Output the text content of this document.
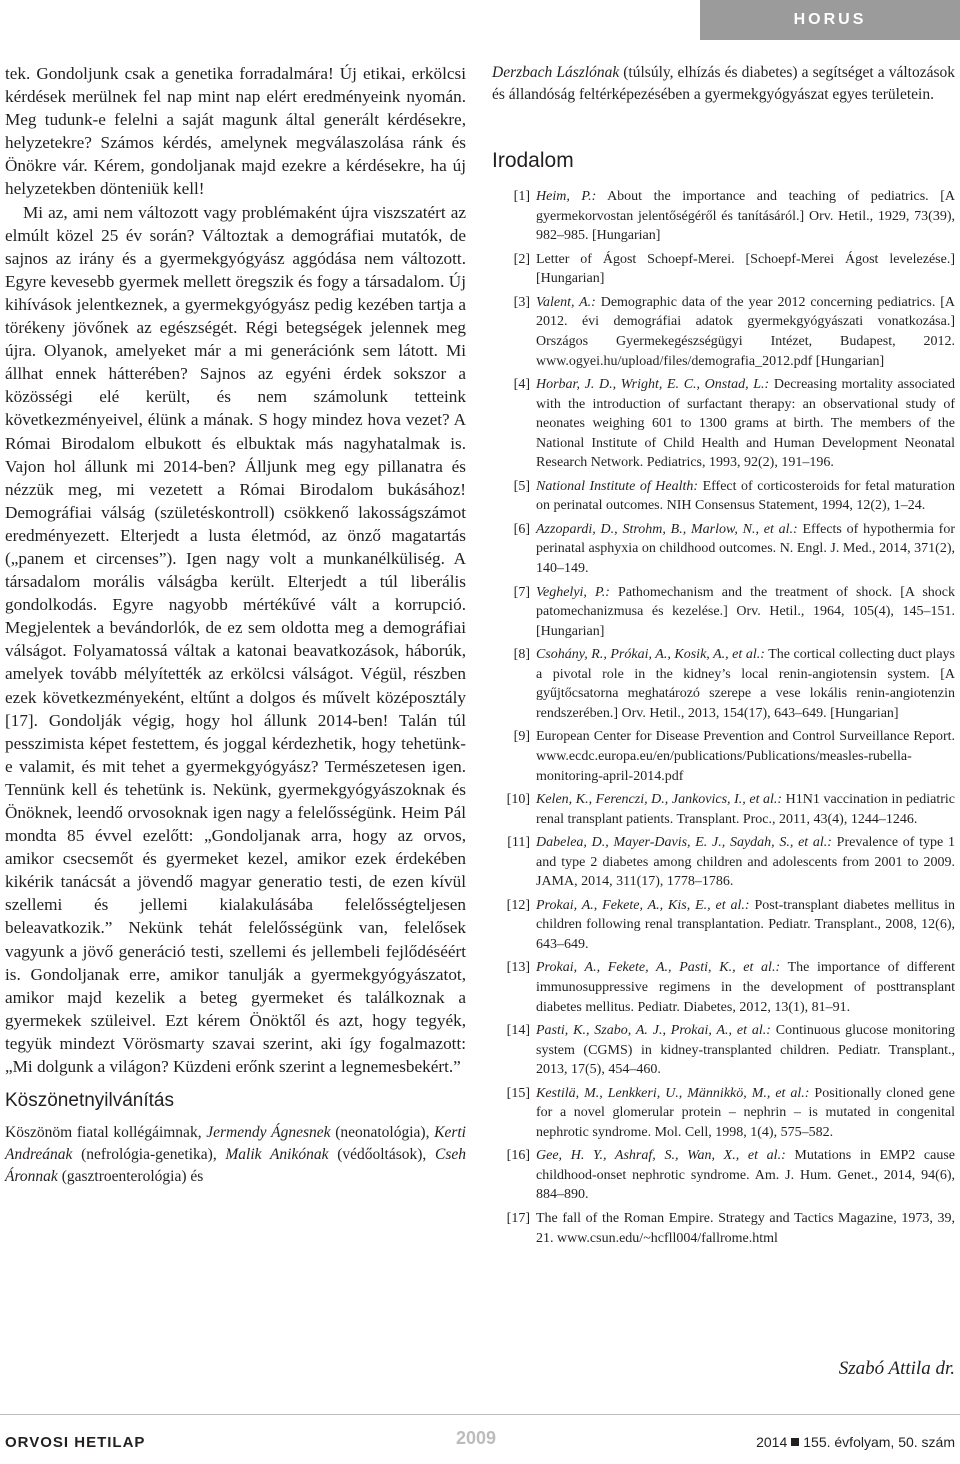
HORUS

tek. Gondoljunk csak a genetika forradalmára! Új etikai, erkölcsi kérdések merülnek fel nap mint nap elért eredményeink nyomán. Meg tudunk-e felelni a saját magunk által generált kérdésekre, helyzetekre? Számos kérdés, amelynek megválaszolása ránk és Önökre vár. Kérem, gondoljanak majd ezekre a kérdésekre, ha új helyzetekben dönteniük kell!

Mi az, ami nem változott vagy problémaként újra viszszatért az elmúlt közel 25 év során? Változtak a demográfiai mutatók, de sajnos az irány és a gyermekgyógyász aggódása nem változott. Egyre kevesebb gyermek mellett öregszik és fogy a társadalom. Új kihívások jelentkeznek, a gyermekgyógyász pedig kezében tartja a törékeny jövőnek az egészségét. Régi betegségek jelennek meg újra. Olyanok, amelyeket már a mi generációnk sem látott. Mi állhat ennek hátterében? Sajnos az egyéni érdek sokszor a közösségi elé került, és nem számolunk tetteink következményeivel, élünk a mának. S hogy mindez hova vezet? A Római Birodalom elbukott és elbuktak más nagyhatalmak is. Vajon hol állunk mi 2014-ben? Álljunk meg egy pillanatra és nézzük meg, mi vezetett a Római Birodalom bukásához! Demográfiai válság (születéskontroll) csökkenő lakosságszámot eredményezett. Elterjedt a lusta életmód, az önző magatartás („panem et circenses”). Igen nagy volt a munkanélküliség. A társadalom morális válságba került. Elterjedt a túl liberális gondolkodás. Egyre nagyobb mértékűvé vált a korrupció. Megjelentek a bevándorlók, de ez sem oldotta meg a demográfiai válságot. Folyamatossá váltak a katonai beavatkozások, háborúk, amelyek tovább mélyítették az erkölcsi válságot. Végül, részben ezek következményeként, eltűnt a dolgos és művelt középosztály [17]. Gondolják végig, hogy hol állunk 2014-ben! Talán túl pesszimista képet festettem, és joggal kérdezhetik, hogy tehetünk-e valamit, és mit tehet a gyermekgyógyász? Természetesen igen. Tennünk kell és tehetünk is. Nekünk, gyermekgyógyászoknak és Önöknek, leendő orvosoknak igen nagy a felelősségünk. Heim Pál mondta 85 évvel ezelőtt: „Gondoljanak arra, hogy az orvos, amikor csecsemőt és gyermeket kezel, amikor ezek érdekében kikérik tanácsát a jövendő magyar generatio testi, de ezen kívül szellemi és jellemi kialakulásába felelősségteljesen beleavatkozik.” Nekünk tehát felelősségünk van, felelősek vagyunk a jövő generáció testi, szellemi és jellembeli fejlődéséért is. Gondoljanak erre, amikor tanulják a gyermekgyógyászatot, amikor majd kezelik a beteg gyermeket és találkoznak a gyermekek szüleivel. Ezt kérem Önöktől és azt, hogy tegyék, tegyük mindezt Vörösmarty szavai szerint, aki így fogalmazott: „Mi dolgunk a világon? Küzdeni erőnk szerint a legnemesbekért.”

Köszönetnyilvánítás

Köszönöm fiatal kollégáimnak, Jermendy Ágnesnek (neonatológia), Kerti Andreának (nefrológia-genetika), Malik Anikónak (védőoltások), Cseh Áronnak (gasztroenterológia) és

Derzbach Lászlónak (túlsúly, elhízás és diabetes) a segítséget a változások és állandóság feltérképezésében a gyermekgyógyászat egyes területein.

Irodalom
[1] Heim, P.: About the importance and teaching of pediatrics. [A gyermekorvostan jelentőségéről és tanításáról.] Orv. Hetil., 1929, 73(39), 982–985. [Hungarian]
[2] Letter of Ágost Schoepf-Merei. [Schoepf-Merei Ágost levelezése.] [Hungarian]
[3] Valent, A.: Demographic data of the year 2012 concerning pediatrics. [A 2012. évi demográfiai adatok gyermekgyógyászati vonatkozása.] Országos Gyermekegészségügyi Intézet, Budapest, 2012. www.ogyei.hu/upload/files/demografia_2012.pdf [Hungarian]
[4] Horbar, J. D., Wright, E. C., Onstad, L.: Decreasing mortality associated with the introduction of surfactant therapy: an observational study of neonates weighing 601 to 1300 grams at birth. The members of the National Institute of Child Health and Human Development Neonatal Research Network. Pediatrics, 1993, 92(2), 191–196.
[5] National Institute of Health: Effect of corticosteroids for fetal maturation on perinatal outcomes. NIH Consensus Statement, 1994, 12(2), 1–24.
[6] Azzopardi, D., Strohm, B., Marlow, N., et al.: Effects of hypothermia for perinatal asphyxia on childhood outcomes. N. Engl. J. Med., 2014, 371(2), 140–149.
[7] Veghelyi, P.: Pathomechanism and the treatment of shock. [A shock patomechanizmusa és kezelése.] Orv. Hetil., 1964, 105(4), 145–151. [Hungarian]
[8] Csohány, R., Prókai, A., Kosik, A., et al.: The cortical collecting duct plays a pivotal role in the kidney’s local renin-angiotensin system. [A gyűjtőcsatorna meghatározó szerepe a vese lokális renin-angiotenzin rendszerében.] Orv. Hetil., 2013, 154(17), 643–649. [Hungarian]
[9] European Center for Disease Prevention and Control Surveillance Report. www.ecdc.europa.eu/en/publications/Publications/measles-rubella-monitoring-april-2014.pdf
[10] Kelen, K., Ferenczi, D., Jankovics, I., et al.: H1N1 vaccination in pediatric renal transplant patients. Transplant. Proc., 2011, 43(4), 1244–1246.
[11] Dabelea, D., Mayer-Davis, E. J., Saydah, S., et al.: Prevalence of type 1 and type 2 diabetes among children and adolescents from 2001 to 2009. JAMA, 2014, 311(17), 1778–1786.
[12] Prokai, A., Fekete, A., Kis, E., et al.: Post-transplant diabetes mellitus in children following renal transplantation. Pediatr. Transplant., 2008, 12(6), 643–649.
[13] Prokai, A., Fekete, A., Pasti, K., et al.: The importance of different immunosuppressive regimens in the development of posttransplant diabetes mellitus. Pediatr. Diabetes, 2012, 13(1), 81–91.
[14] Pasti, K., Szabo, A. J., Prokai, A., et al.: Continuous glucose monitoring system (CGMS) in kidney-transplanted children. Pediatr. Transplant., 2013, 17(5), 454–460.
[15] Kestilä, M., Lenkkeri, U., Männikkö, M., et al.: Positionally cloned gene for a novel glomerular protein – nephrin – is mutated in congenital nephrotic syndrome. Mol. Cell, 1998, 1(4), 575–582.
[16] Gee, H. Y., Ashraf, S., Wan, X., et al.: Mutations in EMP2 cause childhood-onset nephrotic syndrome. Am. J. Hum. Genet., 2014, 94(6), 884–890.
[17] The fall of the Roman Empire. Strategy and Tactics Magazine, 1973, 39, 21. www.csun.edu/~hcfll004/fallrome.html
Szabó Attila dr.
ORVOSI HETILAP	2009	2014 155. évfolyam, 50. szám
